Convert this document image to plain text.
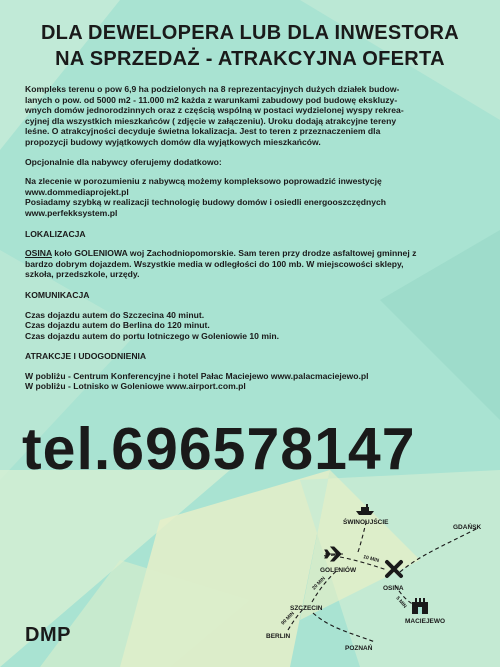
DLA DEWELOPERA LUB DLA INWESTORA
NA SPRZEDAŻ - ATRAKCYJNA OFERTA

Kompleks terenu o pow 6,9 ha podzielonych na 8 reprezentacyjnych dużych działek budow-

lanych o pow. od 5000 m2 - 11.000 m2 każda z warunkami zabudowy pod budowę ekskluzy-

wnych domów jednorodzinnych oraz z częścią wspólną w postaci wydzielonej wyspy rekrea-

cyjnej dla wszystkich mieszkańców ( zdjęcie w załączeniu). Uroku dodają atrakcyjne tereny

leśne. O atrakcyjności decyduje świetna lokalizacja. Jest to teren z przeznaczeniem dla

propozycji budowy wyjątkowych domów dla wyjątkowych mieszkańców.

Opcjonalnie dla nabywcy oferujemy dodatkowo:

Na zlecenie w porozumieniu z nabywcą możemy kompleksowo poprowadzić inwestycję

www.dommediaprojekt.pl

Posiadamy szybką w realizacji technologię budowy domów i osiedli energooszczędnych

www.perfekksystem.pl

LOKALIZACJA

OSINA koło GOLENIOWA woj Zachodniopomorskie. Sam teren przy drodze asfaltowej gminnej z

bardzo dobrym dojazdem. Wszystkie media w odległości do 100 mb. W miejscowości sklepy,

szkoła, przedszkole, urzędy.

KOMUNIKACJA

Czas dojazdu autem do Szczecina 40 minut.

Czas dojazdu autem do Berlina do 120 minut.

Czas dojazdu autem do portu lotniczego w Goleniowie 10 min.

ATRAKCJE I UDOGODNIENIA

W pobliżu - Centrum Konferencyjne i hotel Pałac Maciejewo www.palacmaciejewo.pl

W pobliżu - Lotnisko w Goleniowe www.airport.com.pl

tel.696578147
DMP
ŚWINOUJŚCIE
GDAŃSK
GOLENIÓW
OSINA
SZCZECIN
BERLIN
MACIEJEWO
POZNAŃ
10 MIN
20 MIN
90 MIN
5 MIN
